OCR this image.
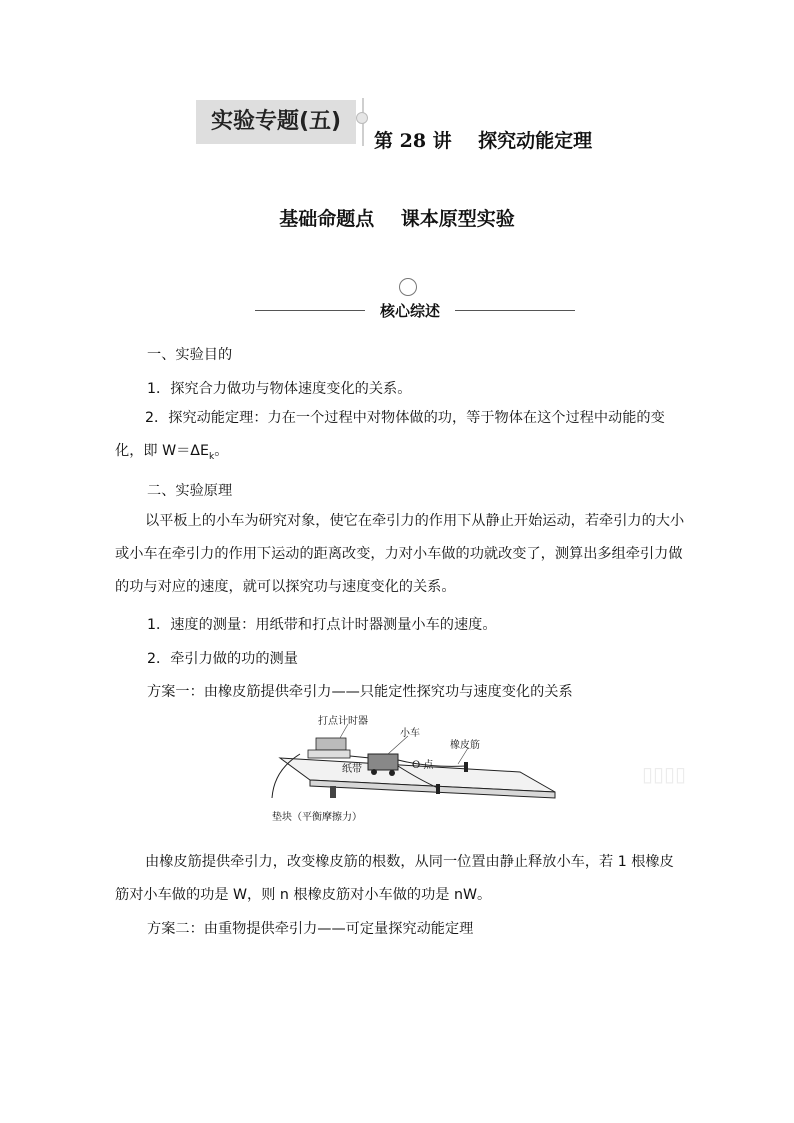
实验专题(五)
第 28 讲    探究动能定理
基础命题点    课本原型实验
核心综述
一、实验目的
1．探究合力做功与物体速度变化的关系。
2．探究动能定理：力在一个过程中对物体做的功，等于物体在这个过程中动能的变化，即 $W=\Delta E_k$。
二、实验原理
以平板上的小车为研究对象，使它在牵引力的作用下从静止开始运动，若牵引力的大小或小车在牵引力的作用下运动的距离改变，力对小车做的功就改变了，测算出多组牵引力做的功与对应的速度，就可以探究功与速度变化的关系。
1．速度的测量：用纸带和打点计时器测量小车的速度。
2．牵引力做的功的测量
方案一：由橡皮筋提供牵引力——只能定性探究功与速度变化的关系
打点计时器
小车
橡皮筋
纸带	O 点
垫块（平衡摩擦力）
▯▯▯▯
由橡皮筋提供牵引力，改变橡皮筋的根数，从同一位置由静止释放小车，若 1 根橡皮筋对小车做的功是 W，则 n 根橡皮筋对小车做的功是 nW。
方案二：由重物提供牵引力——可定量探究动能定理
